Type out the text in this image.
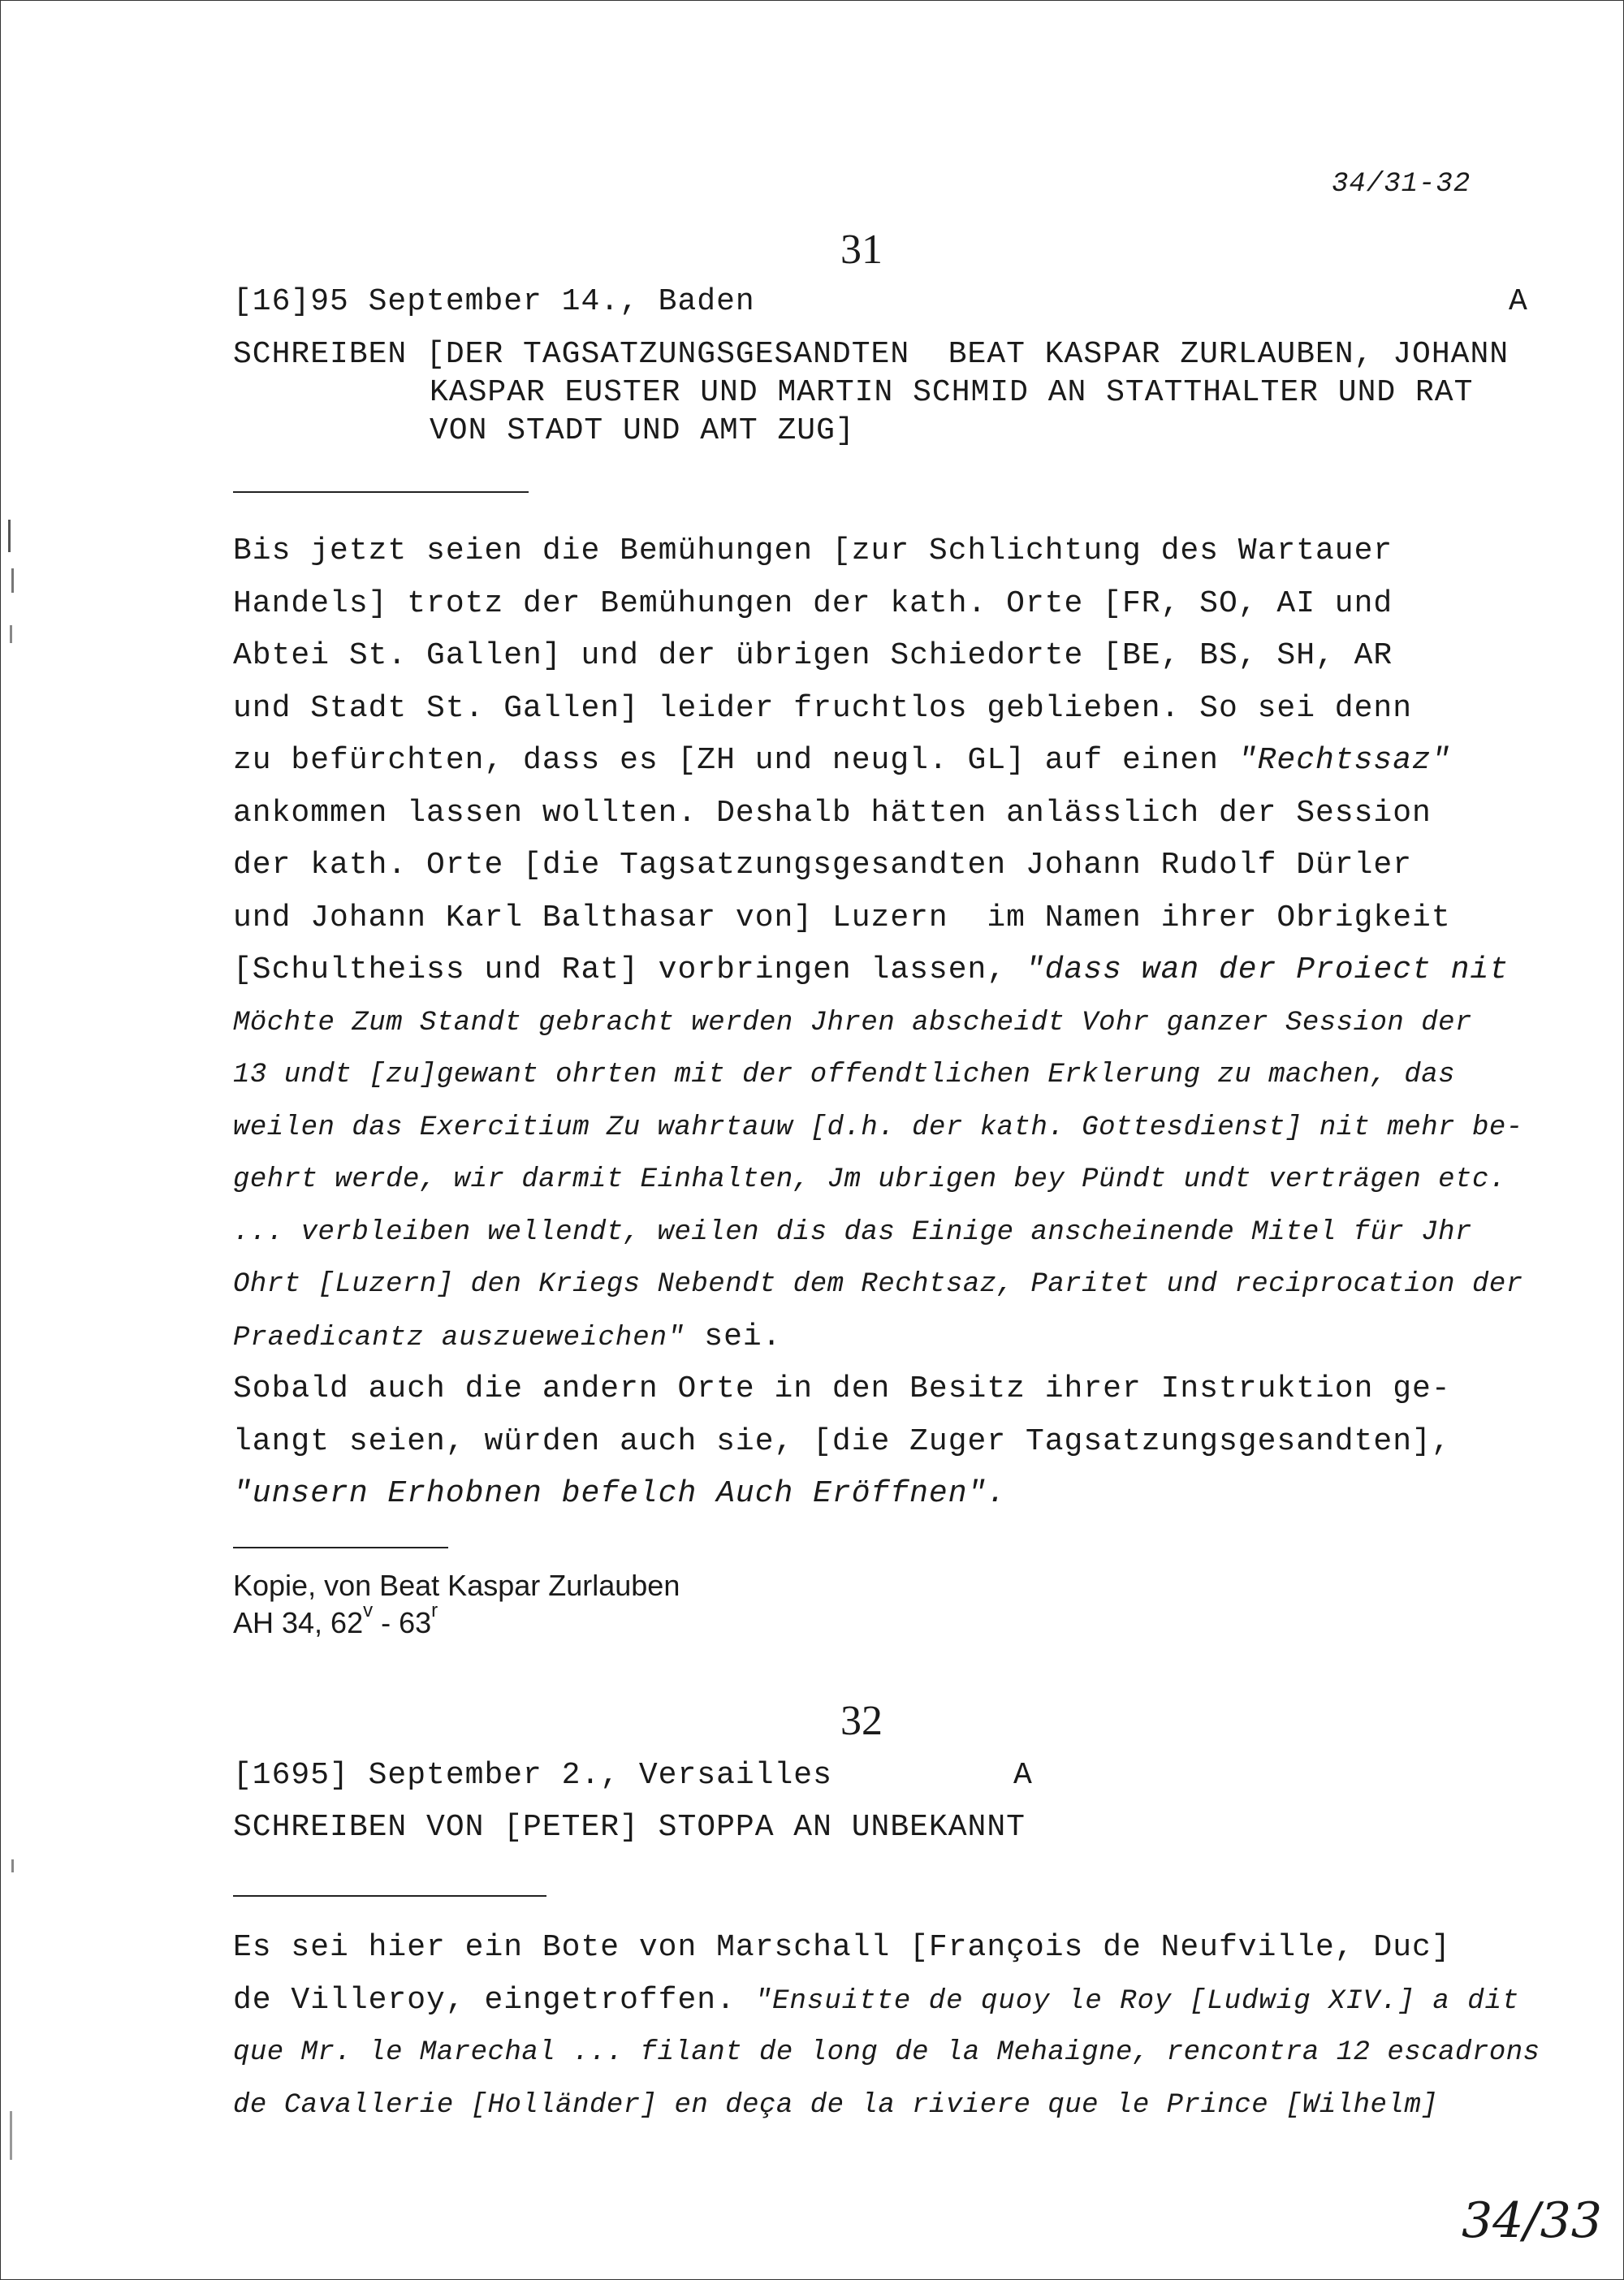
34/31-32
31
[16]95 September 14., Baden	A
SCHREIBEN [DER TAGSATZUNGSGESANDTEN  BEAT KASPAR ZURLAUBEN, JOHANN
KASPAR EUSTER UND MARTIN SCHMID AN STATTHALTER UND RAT
VON STADT UND AMT ZUG]
Bis jetzt seien die Bemühungen [zur Schlichtung des Wartauer
Handels] trotz der Bemühungen der kath. Orte [FR, SO, AI und
Abtei St. Gallen] und der übrigen Schiedorte [BE, BS, SH, AR
und Stadt St. Gallen] leider fruchtlos geblieben. So sei denn
zu befürchten, dass es [ZH und neugl. GL] auf einen "Rechtssaz"
ankommen lassen wollten. Deshalb hätten anlässlich der Session
der kath. Orte [die Tagsatzungsgesandten Johann Rudolf Dürler
und Johann Karl Balthasar von] Luzern  im Namen ihrer Obrigkeit
[Schultheiss und Rat] vorbringen lassen, "dass wan der Proiect nit
Möchte Zum Standt gebracht werden Jhren abscheidt Vohr ganzer Session der
13 undt [zu]gewant ohrten mit der offendtlichen Erklerung zu machen, das
weilen das Exercitium Zu wahrtauw [d.h. der kath. Gottesdienst] nit mehr be-
gehrt werde, wir darmit Einhalten, Jm ubrigen bey Pündt undt verträgen etc.
... verbleiben wellendt, weilen dis das Einige anscheinende Mitel für Jhr
Ohrt [Luzern] den Kriegs Nebendt dem Rechtsaz, Paritet und reciprocation der
Praedicantz auszueweichen" sei.
Sobald auch die andern Orte in den Besitz ihrer Instruktion ge-
langt seien, würden auch sie, [die Zuger Tagsatzungsgesandten],
"unsern Erhobnen befelch Auch Eröffnen".
Kopie, von Beat Kaspar Zurlauben
AH 34, 62$^v$ - 63$^r$
32
[1695] September 2., Versailles	A
SCHREIBEN VON [PETER] STOPPA AN UNBEKANNT
Es sei hier ein Bote von Marschall [François de Neufville, Duc]
de Villeroy, eingetroffen. "Ensuitte de quoy le Roy [Ludwig XIV.] a dit
que Mr. le Marechal ... filant de long de la Mehaigne, rencontra 12 escadrons
de Cavallerie [Holländer] en deça de la riviere que le Prince [Wilhelm]
34/33
